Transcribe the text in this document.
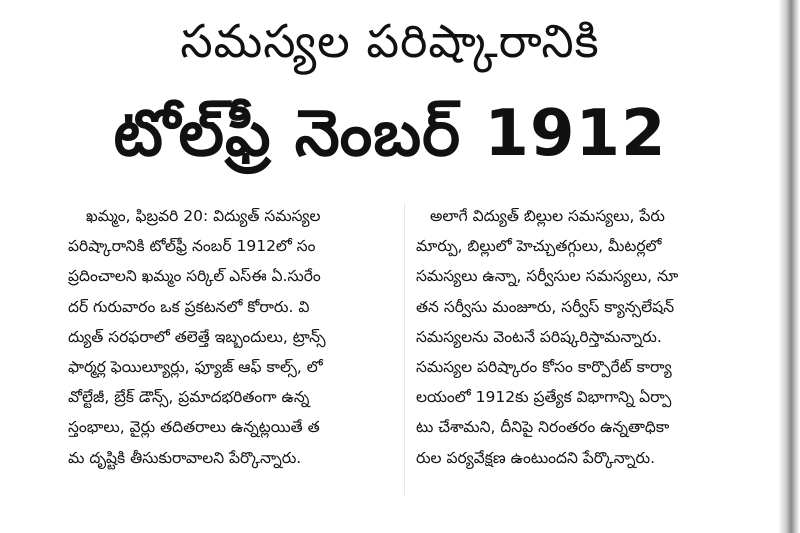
సమస్యల పరిష్కారానికి
టోల్‌ఫ్రీ నెంబర్ 1912
ఖమ్మం, ఫిబ్రవరి 20: విద్యుత్ సమస్యల
పరిష్కారానికి టోల్‌ఫ్రీ నంబర్ 1912లో సం
ప్రదించాలని ఖమ్మం సర్కిల్ ఎస్ఈ ఏ.సురేం
దర్ గురువారం ఒక ప్రకటనలో కోరారు. వి
ద్యుత్ సరఫరాలో తలెత్తే ఇబ్బందులు, ట్రాన్స్
ఫార్మర్ల ఫెయిల్యూర్లు, ఫ్యూజ్ ఆఫ్ కాల్స్, లో
వోల్టేజీ, బ్రేక్ డౌన్స్, ప్రమాదభరితంగా ఉన్న
స్తంభాలు, వైర్లు తదితరాలు ఉన్నట్లయితే త
మ దృష్టికి తీసుకురావాలని పేర్కొన్నారు.
అలాగే విద్యుత్ బిల్లుల సమస్యలు, పేరు
మార్పు, బిల్లులో హెచ్చుతగ్గులు, మీటర్లలో
సమస్యలు ఉన్నా, సర్వీసుల సమస్యలు, నూ
తన సర్వీసు మంజూరు, సర్వీస్ క్యాన్సలేషన్
సమస్యలను వెంటనే పరిష్కరిస్తామన్నారు.
సమస్యల పరిష్కారం కోసం కార్పొరేట్ కార్యా
లయంలో 1912కు ప్రత్యేక విభాగాన్ని ఏర్పా
టు చేశామని, దీనిపై నిరంతరం ఉన్నతాధికా
రుల పర్యవేక్షణ ఉంటుందని పేర్కొన్నారు.
